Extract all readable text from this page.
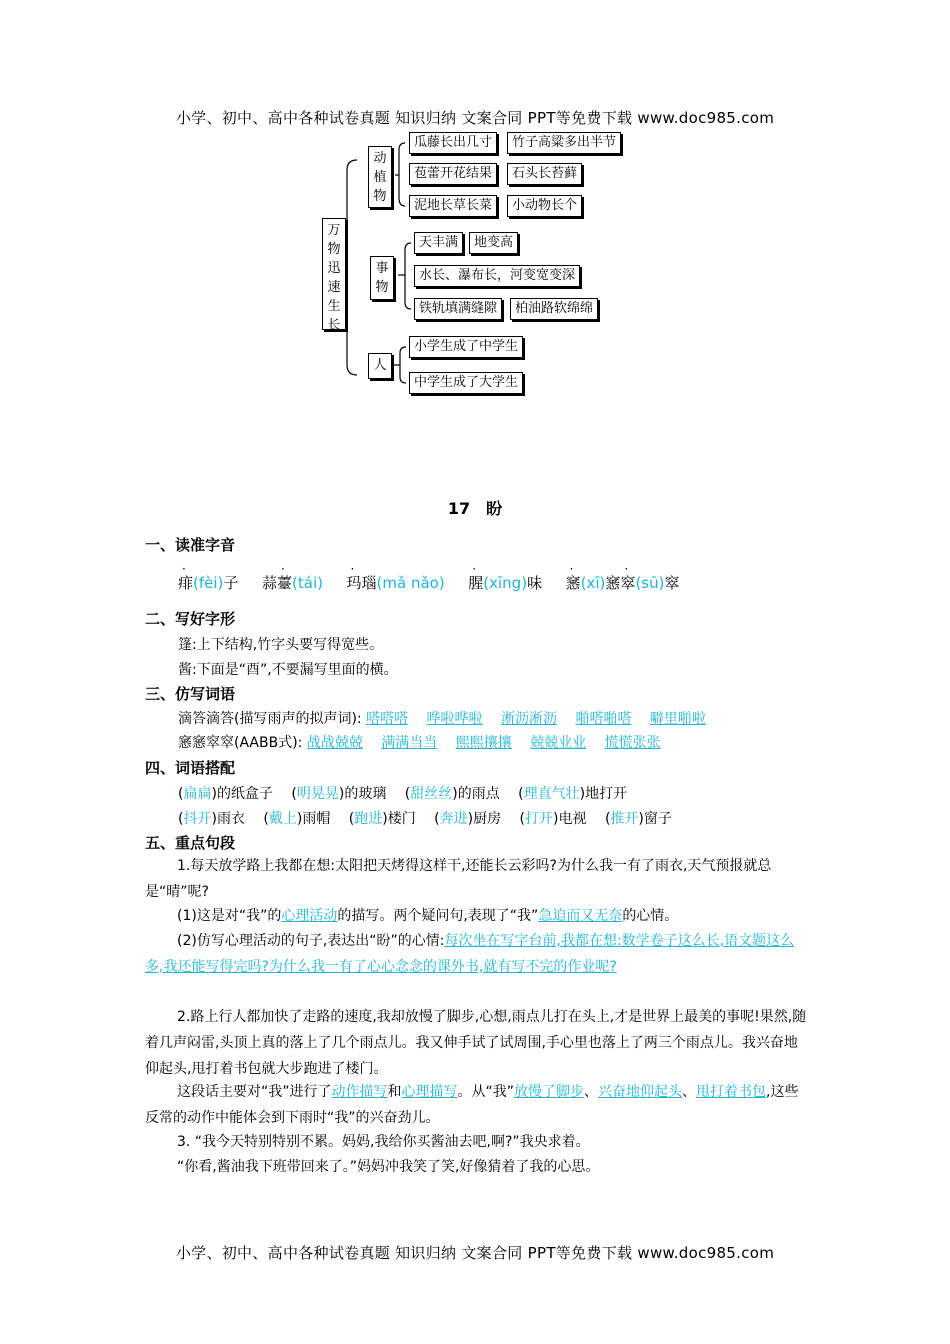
小学、初中、高中各种试卷真题 知识归纳 文案合同 PPT等免费下载 www.doc985.com
万物迅速生长
动植物
事物
人
瓜藤长出几寸	竹子高粱多出半节
苞蕾开花结果	石头长苔藓
泥地长草长菜	小动物长个
天丰满	地变高
水长、瀑布长，河变宽变深
铁轨填满缝隙	柏油路软绵绵
小学生成了中学生
中学生成了大学生
17　盼
一、读准字音
痱(fèi)子 蒜薹(tái) 玛瑙(mǎ nǎo) 腥(xīng)味 窸(xī)窸窣(sū)窣
二、写好字形
篷:上下结构,竹字头要写得宽些。
酱:下面是“酉”,不要漏写里面的横。
三、仿写词语
滴答滴答(描写雨声的拟声词): 嗒嗒嗒 哗啦哗啦 淅沥淅沥 啪嗒啪嗒 噼里啪啦
窸窸窣窣(AABB式): 战战兢兢 满满当当 熙熙攘攘 兢兢业业 慌慌张张
四、词语搭配
(扁扁)的纸盒子 (明晃晃)的玻璃 (甜丝丝)的雨点 (理直气壮)地打开
(抖开)雨衣 (戴上)雨帽 (跑进)楼门 (奔进)厨房 (打开)电视 (推开)窗子
五、重点句段
1.每天放学路上我都在想:太阳把天烤得这样干,还能长云彩吗?为什么我一有了雨衣,天气预报就总是“晴”呢?
(1)这是对“我”的心理活动的描写。两个疑问句,表现了“我”急迫而又无奈的心情。
(2)仿写心理活动的句子,表达出“盼”的心情:每次坐在写字台前,我都在想:数学卷子这么长,语文题这么多,我还能写得完吗?为什么我一有了心心念念的课外书,就有写不完的作业呢?
2.路上行人都加快了走路的速度,我却放慢了脚步,心想,雨点儿打在头上,才是世界上最美的事呢!果然,随着几声闷雷,头顶上真的落上了几个雨点儿。我又伸手试了试周围,手心里也落上了两三个雨点儿。我兴奋地仰起头,甩打着书包就大步跑进了楼门。
这段话主要对“我”进行了动作描写和心理描写。从“我”放慢了脚步、兴奋地仰起头、甩打着书包,这些反常的动作中能体会到下雨时“我”的兴奋劲儿。
3. “我今天特别特别不累。妈妈,我给你买酱油去吧,啊?”我央求着。
“你看,酱油我下班带回来了。”妈妈冲我笑了笑,好像猜着了我的心思。
小学、初中、高中各种试卷真题 知识归纳 文案合同 PPT等免费下载 www.doc985.com
